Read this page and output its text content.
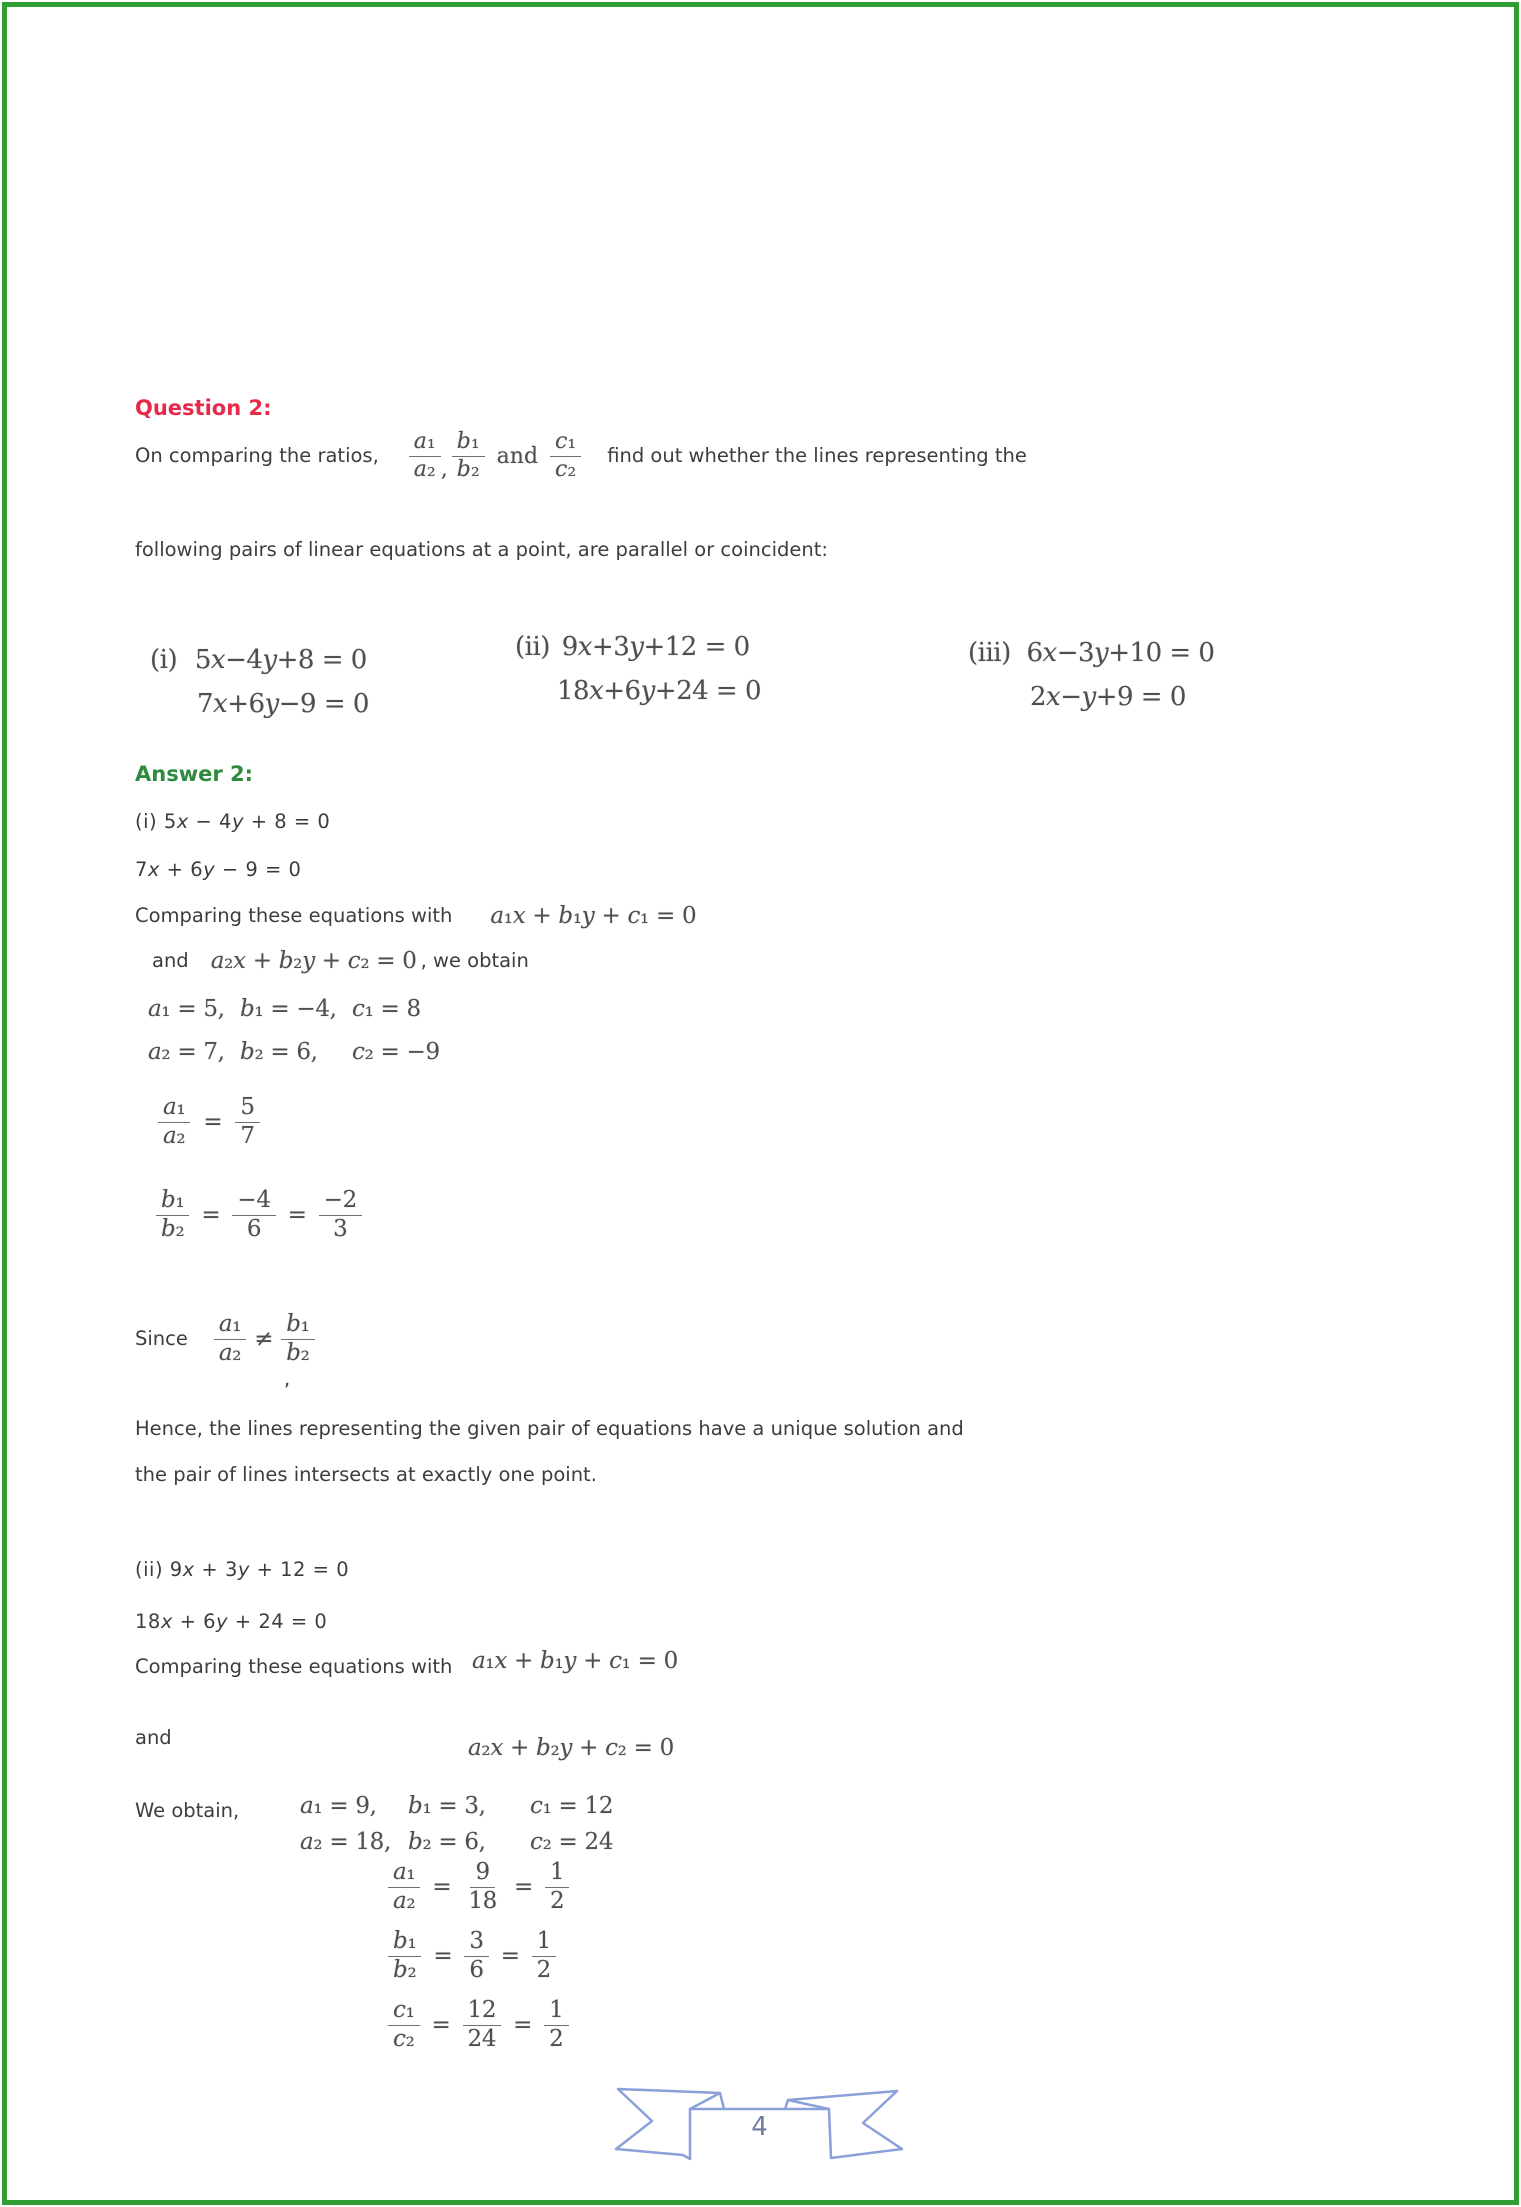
Question 2:
On comparing the ratios, $\frac{\text{a₁}}{\text{a₂}}$ , $\frac{\text{b₁}}{\text{b₂}}$ and $\frac{\text{c₁}}{\text{c₂}}$ find out whether the lines representing the
following pairs of linear equations at a point, are parallel or coincident:
(i) 5x−4y+8 = 0
7x+6y−9 = 0
(ii) 9x+3y+12 = 0
18x+6y+24 = 0
(iii) 6x−3y+10 = 0
2x−y+9 = 0
Answer 2:
(i) 5x − 4y + 8 = 0
7x + 6y − 9 = 0
Comparing these equations with a₁x + b₁y + c₁ = 0
and a₂x + b₂y + c₂ = 0 , we obtain
a₁ = 5, b₁ = −4, c₁ = 8
a₂ = 7, b₂ = 6,	c₂ = −9
$\frac{\text{a₁}}{\text{a₂}} = \frac{5}{7}$
$\frac{\text{b₁}}{\text{b₂}} = \frac{-4}{6} = \frac{-2}{3}$
Since $\frac{\text{a₁}}{\text{a₂}} \ne \frac{\text{b₁}}{\text{b₂}}$
,
Hence, the lines representing the given pair of equations have a unique solution and
the pair of lines intersects at exactly one point.
(ii) 9x + 3y + 12 = 0
18x + 6y + 24 = 0
Comparing these equations with a₁x + b₁y + c₁ = 0
and	a₂x + b₂y + c₂ = 0
We obtain,	a₁ = 9,	b₁ = 3,	c₁ = 12
a₂ = 18, b₂ = 6,	c₂ = 24
$\frac{\text{a₁}}{\text{a₂}} = \frac{9}{18} = \frac{1}{2}$
$\frac{\text{b₁}}{\text{b₂}} = \frac{3}{6} = \frac{1}{2}$
$\frac{\text{c₁}}{\text{c₂}} = \frac{12}{24} = \frac{1}{2}$
4
